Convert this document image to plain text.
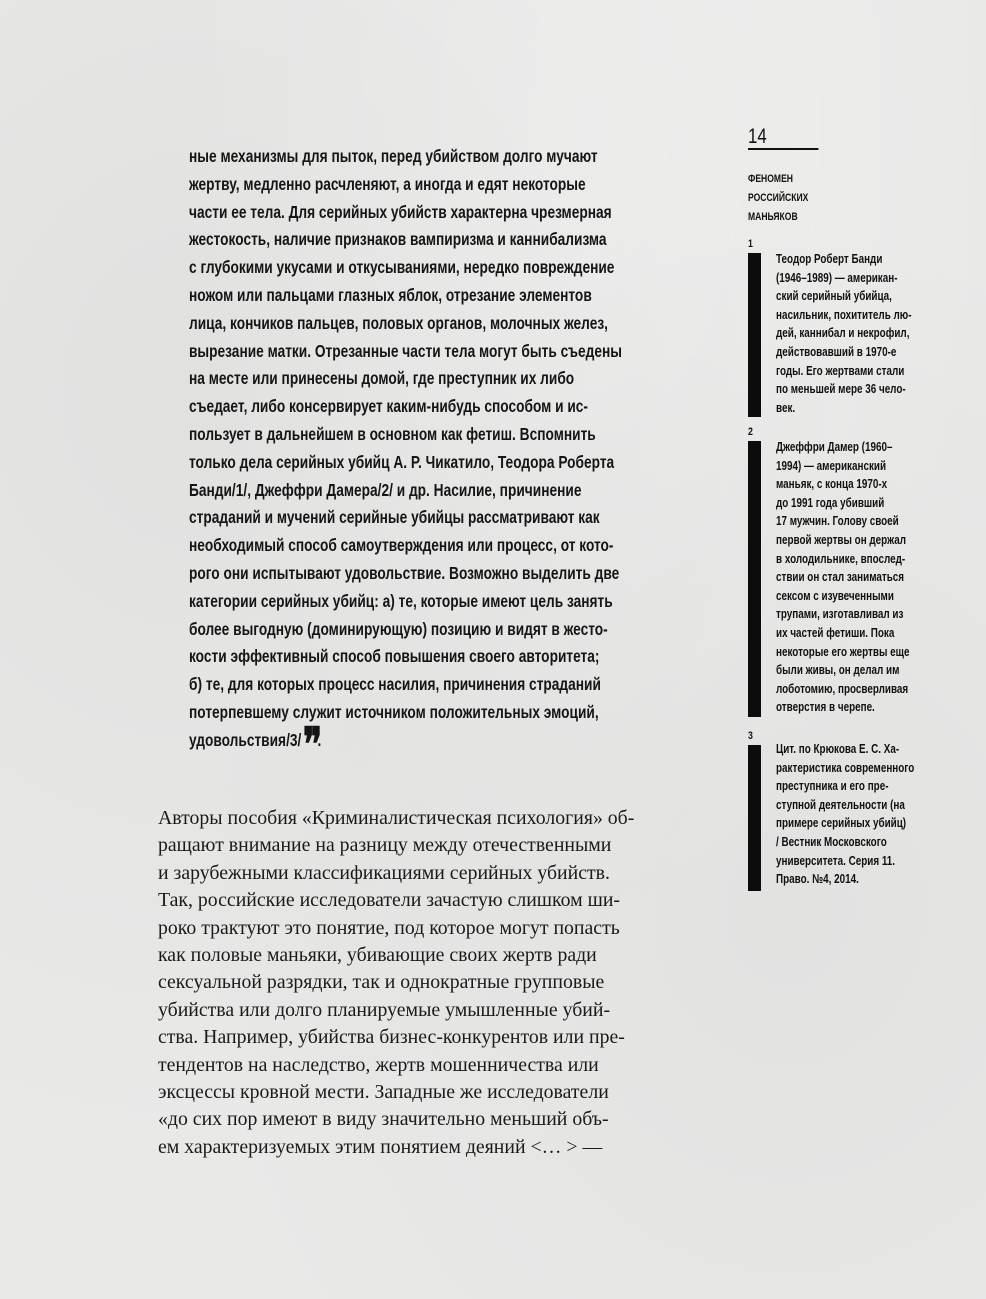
14
ФЕНОМЕН
РОССИЙСКИХ
МАНЬЯКОВ

ные механизмы для пыток, перед убийством долго мучают
жертву, медленно расчленяют, а иногда и едят некоторые
части ее тела. Для серийных убийств характерна чрезмерная
жестокость, наличие признаков вампиризма и каннибализма
с глубокими укусами и откусываниями, нередко повреждение
ножом или пальцами глазных яблок, отрезание элементов
лица, кончиков пальцев, половых органов, молочных желез,
вырезание матки. Отрезанные части тела могут быть съедены
на месте или принесены домой, где преступник их либо
съедает, либо консервирует каким-нибудь способом и ис-
пользует в дальнейшем в основном как фетиш. Вспомнить
только дела серийных убийц А. Р. Чикатило, Теодора Роберта
Банди/1/, Джеффри Дамера/2/ и др. Насилие, причинение
страданий и мучений серийные убийцы рассматривают как
необходимый способ самоутверждения или процесс, от кото-
рого они испытывают удовольствие. Возможно выделить две
категории серийных убийц: а) те, которые имеют цель занять
более выгодную (доминирующую) позицию и видят в жесто-
кости эффективный способ повышения своего авторитета;
б) те, для которых процесс насилия, причинения страданий
потерпевшему служит источником положительных эмоций,
удовольствия/3/❞.

Авторы пособия «Криминалистическая психология» об-
ращают внимание на разницу между отечественными
и зарубежными классификациями серийных убийств.
Так, российские исследователи зачастую слишком ши-
роко трактуют это понятие, под которое могут попасть
как половые маньяки, убивающие своих жертв ради
сексуальной разрядки, так и однократные групповые
убийства или долго планируемые умышленные убий-
ства. Например, убийства бизнес-конкурентов или пре-
тендентов на наследство, жертв мошенничества или
эксцессы кровной мести. Западные же исследователи
«до сих пор имеют в виду значительно меньший объ-
ем характеризуемых этим понятием деяний <… > —

1
Теодор Роберт Банди
(1946–1989) — американ-
ский серийный убийца,
насильник, похититель лю-
дей, каннибал и некрофил,
действовавший в 1970-е
годы. Его жертвами стали
по меньшей мере 36 чело-
век.
2
Джеффри Дамер (1960–
1994) — американский
маньяк, с конца 1970-х
до 1991 года убивший
17 мужчин. Голову своей
первой жертвы он держал
в холодильнике, впослед-
ствии он стал заниматься
сексом с изувеченными
трупами, изготавливал из
их частей фетиши. Пока
некоторые его жертвы еще
были живы, он делал им
лоботомию, просверливая
отверстия в черепе.
3
Цит. по Крюкова Е. С. Ха-
рактеристика современного
преступника и его пре-
ступной деятельности (на
примере серийных убийц)
/ Вестник Московского
университета. Серия 11.
Право. №4, 2014.
